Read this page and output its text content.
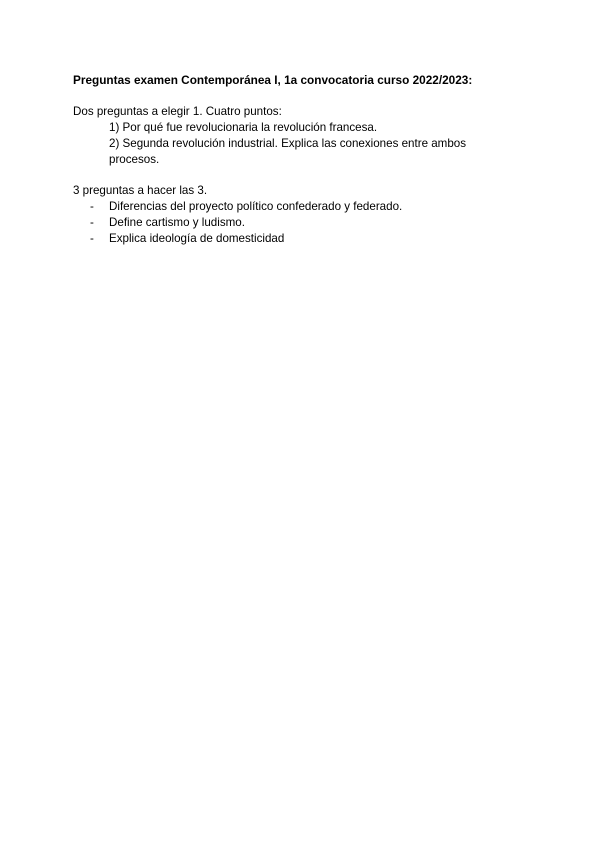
Preguntas examen Contemporánea I, 1a convocatoria curso 2022/2023:
Dos preguntas a elegir 1. Cuatro puntos:
1) Por qué fue revolucionaria la revolución francesa.
2) Segunda revolución industrial. Explica las conexiones entre ambos procesos.
3 preguntas a hacer las 3.
- Diferencias del proyecto político confederado y federado.
- Define cartismo y ludismo.
- Explica ideología de domesticidad
